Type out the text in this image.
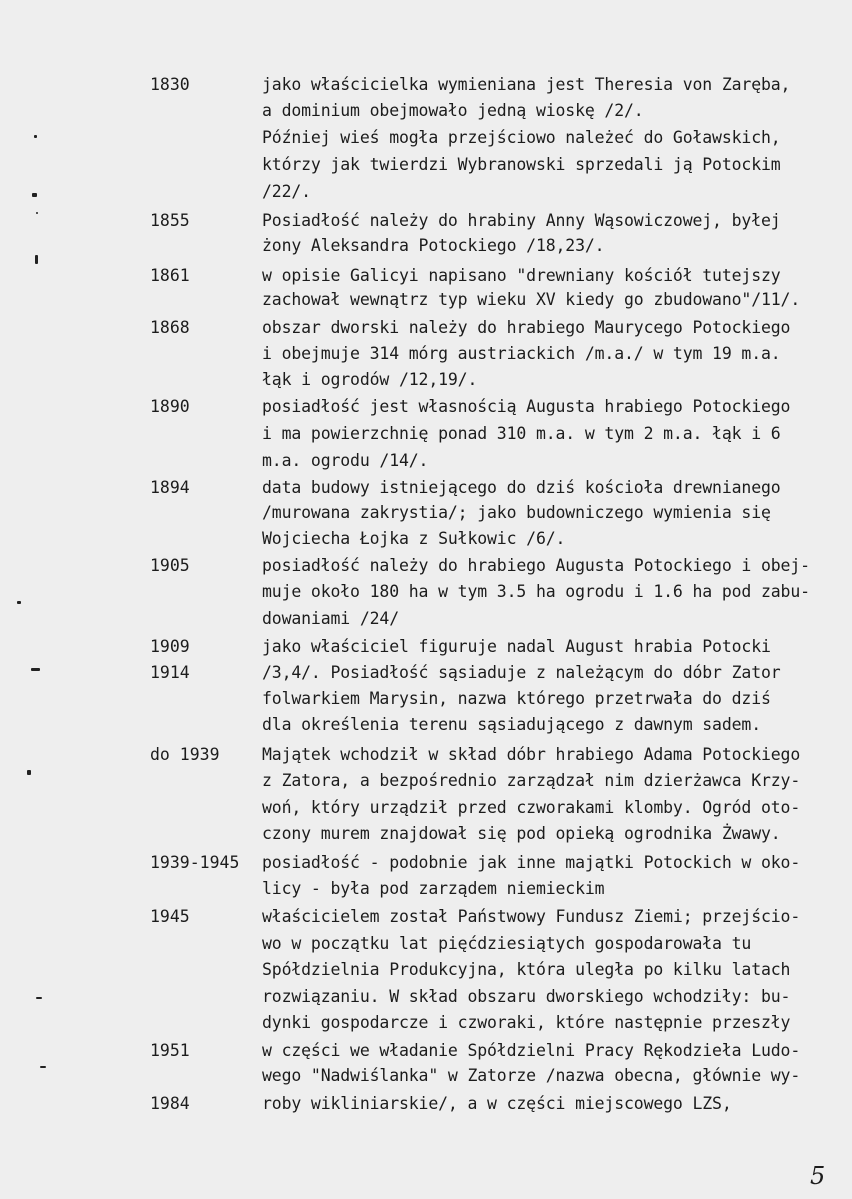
1830
1855
1861
1868
1890
1894
1905
1909
1914
do 1939
1939-1945
1945
1951
1984
jako właścicielka wymieniana jest Theresia von Zaręba,
a dominium obejmowało jedną wioskę /2/.
Później wieś mogła przejściowo należeć do Goławskich,
którzy jak twierdzi Wybranowski sprzedali ją Potockim
/22/.
Posiadłość należy do hrabiny Anny Wąsowiczowej, byłej
żony Aleksandra Potockiego /18,23/.
w opisie Galicyi napisano "drewniany kościół tutejszy
zachował wewnątrz typ wieku XV kiedy go zbudowano"/11/.
obszar dworski należy do hrabiego Maurycego Potockiego
i obejmuje 314 mórg austriackich /m.a./ w tym 19 m.a.
łąk i ogrodów /12,19/.
posiadłość jest własnością Augusta hrabiego Potockiego
i ma powierzchnię ponad 310 m.a. w tym 2 m.a. łąk i 6
m.a. ogrodu /14/.
data budowy istniejącego do dziś kościoła drewnianego
/murowana zakrystia/; jako budowniczego wymienia się
Wojciecha Łojka z Sułkowic /6/.
posiadłość należy do hrabiego Augusta Potockiego i obej-
muje około 180 ha w tym 3.5 ha ogrodu i 1.6 ha pod zabu-
dowaniami /24/
jako właściciel figuruje nadal August hrabia Potocki
/3,4/. Posiadłość sąsiaduje z należącym do dóbr Zator
folwarkiem Marysin, nazwa którego przetrwała do dziś
dla określenia terenu sąsiadującego z dawnym sadem.
Majątek wchodził w skład dóbr hrabiego Adama Potockiego
z Zatora, a bezpośrednio zarządzał nim dzierżawca Krzy-
woń, który urządził przed czworakami klomby. Ogród oto-
czony murem znajdował się pod opieką ogrodnika Żwawy.
posiadłość - podobnie jak inne majątki Potockich w oko-
licy - była pod zarządem niemieckim
właścicielem został Państwowy Fundusz Ziemi; przejścio-
wo w początku lat pięćdziesiątych gospodarowała tu
Spółdzielnia Produkcyjna, która uległa po kilku latach
rozwiązaniu. W skład obszaru dworskiego wchodziły: bu-
dynki gospodarcze i czworaki, które następnie przeszły
w części we władanie Spółdzielni Pracy Rękodzieła Ludo-
wego "Nadwiślanka" w Zatorze /nazwa obecna, głównie wy-
roby wikliniarskie/, a w części miejscowego LZS,
5
